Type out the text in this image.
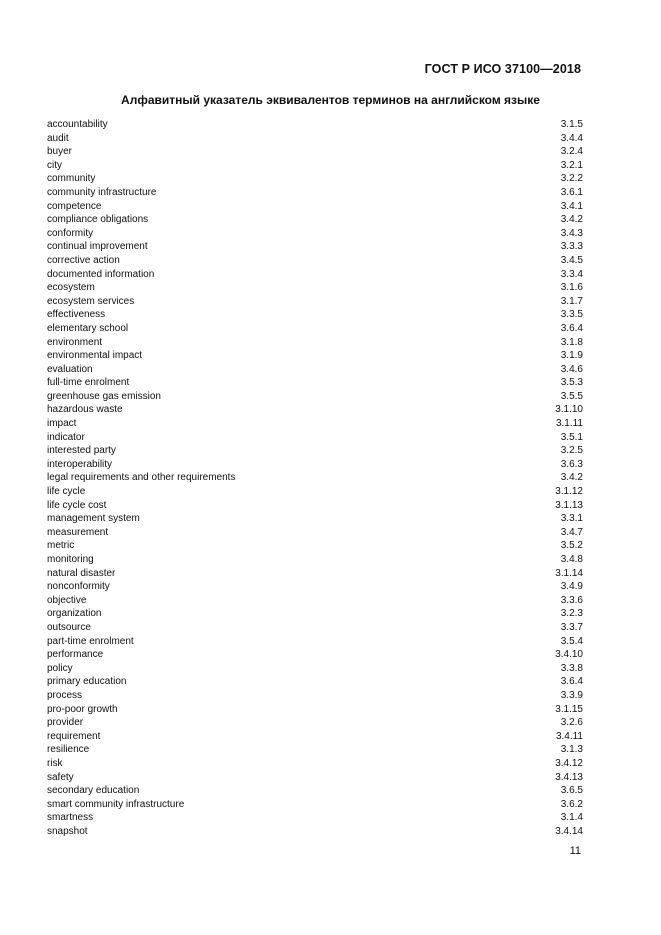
ГОСТ Р ИСО 37100—2018
Алфавитный указатель эквивалентов терминов на английском языке
accountability	3.1.5
audit	3.4.4
buyer	3.2.4
city	3.2.1
community	3.2.2
community infrastructure	3.6.1
competence	3.4.1
compliance obligations	3.4.2
conformity	3.4.3
continual improvement	3.3.3
corrective action	3.4.5
documented information	3.3.4
ecosystem	3.1.6
ecosystem services	3.1.7
effectiveness	3.3.5
elementary school	3.6.4
environment	3.1.8
environmental impact	3.1.9
evaluation	3.4.6
full-time enrolment	3.5.3
greenhouse gas emission	3.5.5
hazardous waste	3.1.10
impact	3.1.11
indicator	3.5.1
interested party	3.2.5
interoperability	3.6.3
legal requirements and other requirements	3.4.2
life cycle	3.1.12
life cycle cost	3.1.13
management system	3.3.1
measurement	3.4.7
metric	3.5.2
monitoring	3.4.8
natural disaster	3.1.14
nonconformity	3.4.9
objective	3.3.6
organization	3.2.3
outsource	3.3.7
part-time enrolment	3.5.4
performance	3.4.10
policy	3.3.8
primary education	3.6.4
process	3.3.9
pro-poor growth	3.1.15
provider	3.2.6
requirement	3.4.11
resilience	3.1.3
risk	3.4.12
safety	3.4.13
secondary education	3.6.5
smart community infrastructure	3.6.2
smartness	3.1.4
snapshot	3.4.14
11
